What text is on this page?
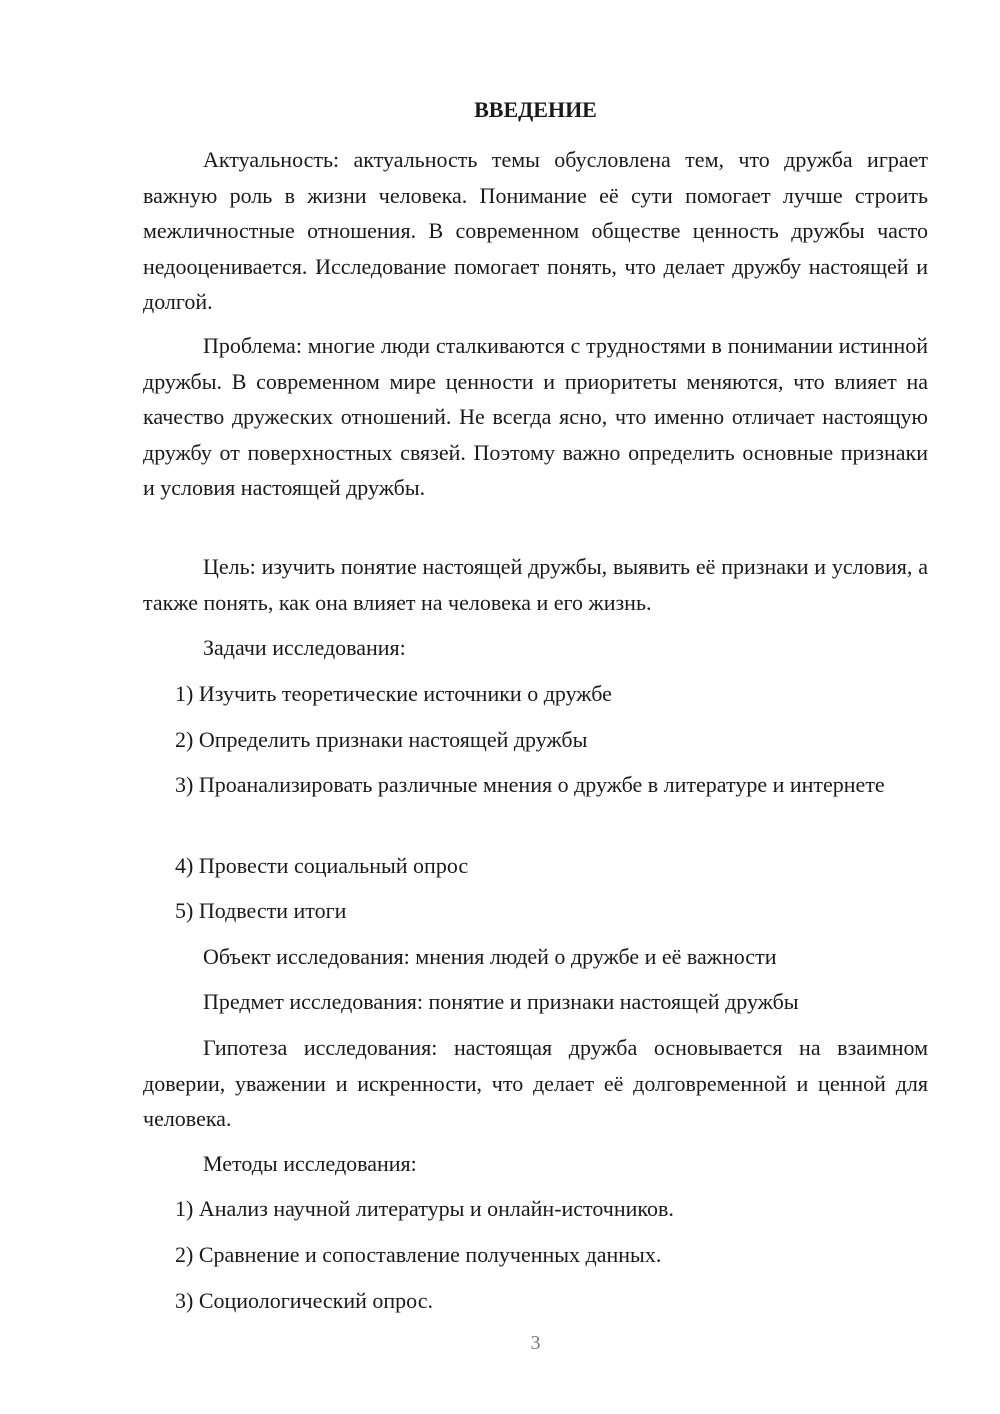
ВВЕДЕНИЕ

Актуальность: актуальность темы обусловлена тем, что дружба играет важную роль в жизни человека. Понимание её сути помогает лучше строить межличностные отношения. В современном обществе ценность дружбы часто недооценивается. Исследование помогает понять, что делает дружбу настоящей и долгой.

Проблема: многие люди сталкиваются с трудностями в понимании истинной дружбы. В современном мире ценности и приоритеты меняются, что влияет на качество дружеских отношений. Не всегда ясно, что именно отличает настоящую дружбу от поверхностных связей. Поэтому важно определить основные признаки и условия настоящей дружбы.

Цель: изучить понятие настоящей дружбы, выявить её признаки и условия, а также понять, как она влияет на человека и его жизнь.

Задачи исследования:

1) Изучить теоретические источники о дружбе

2) Определить признаки настоящей дружбы

3) Проанализировать различные мнения о дружбе в литературе и интернете

4) Провести социальный опрос

5) Подвести итоги

Объект исследования: мнения людей о дружбе и её важности

Предмет исследования: понятие и признаки настоящей дружбы

Гипотеза исследования: настоящая дружба основывается на взаимном доверии, уважении и искренности, что делает её долговременной и ценной для человека.

Методы исследования:

1) Анализ научной литературы и онлайн-источников.

2) Сравнение и сопоставление полученных данных.

3) Социологический опрос.

3
